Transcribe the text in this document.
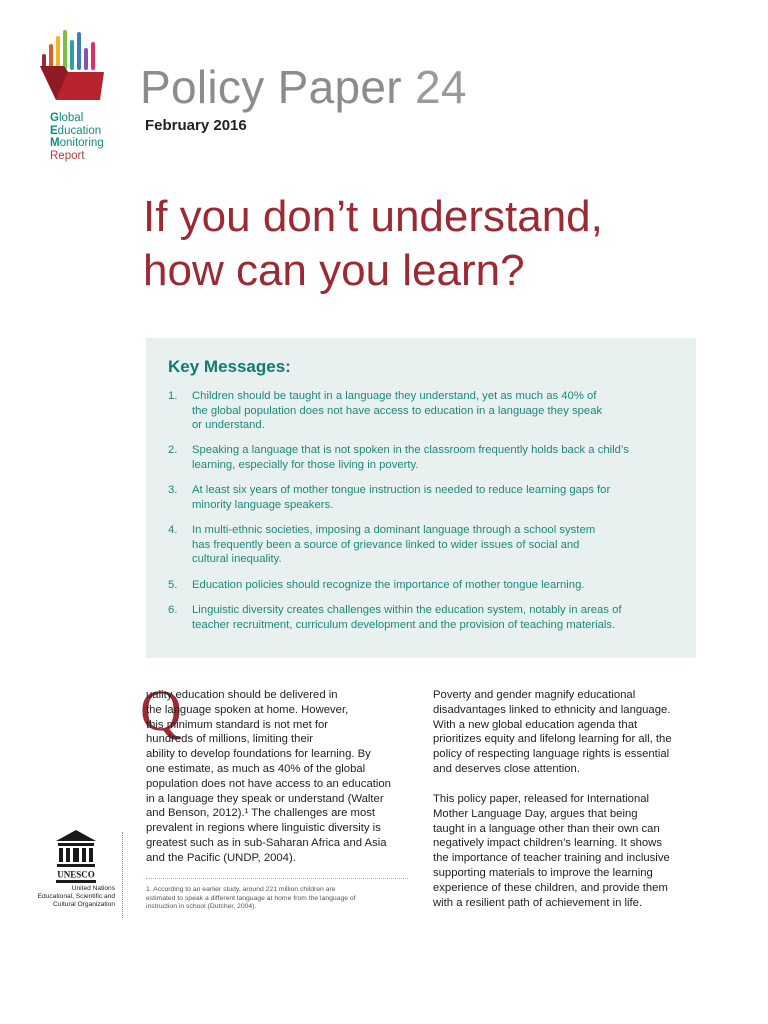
Global
Education
Monitoring
Report
Policy Paper 24
February 2016
If you don’t understand,
how can you learn?
Key Messages:
1.	Children should be taught in a language they understand, yet as much as 40% of
the global population does not have access to education in a language they speak
or understand.
2.	Speaking a language that is not spoken in the classroom frequently holds back a child’s
learning, especially for those living in poverty.
3.	At least six years of mother tongue instruction is needed to reduce learning gaps for
minority language speakers.
4.	In multi-ethnic societies, imposing a dominant language through a school system
has frequently been a source of grievance linked to wider issues of social and
cultural inequality.
5.	Education policies should recognize the importance of mother tongue learning.
6.	Linguistic diversity creates challenges within the education system, notably in areas of
teacher recruitment, curriculum development and the provision of teaching materials.
Q
uality education should be delivered in
the language spoken at home. However,
this minimum standard is not met for
hundreds of millions, limiting their
ability to develop foundations for learning. By
one estimate, as much as 40% of the global
population does not have access to an education
in a language they speak or understand (Walter
and Benson, 2012).¹ The challenges are most
prevalent in regions where linguistic diversity is
greatest such as in sub-Saharan Africa and Asia
and the Pacific (UNDP, 2004).
Poverty and gender magnify educational
disadvantages linked to ethnicity and language.
With a new global education agenda that
prioritizes equity and lifelong learning for all, the
policy of respecting language rights is essential
and deserves close attention.
This policy paper, released for International
Mother Language Day, argues that being
taught in a language other than their own can
negatively impact children’s learning. It shows
the importance of teacher training and inclusive
supporting materials to improve the learning
experience of these children, and provide them
with a resilient path of achievement in life.
1. According to an earlier study, around 221 million children are
estimated to speak a different language at home from the language of
instruction in school (Dutcher, 2004).
UNESCO
United Nations
Educational, Scientific and
Cultural Organization
